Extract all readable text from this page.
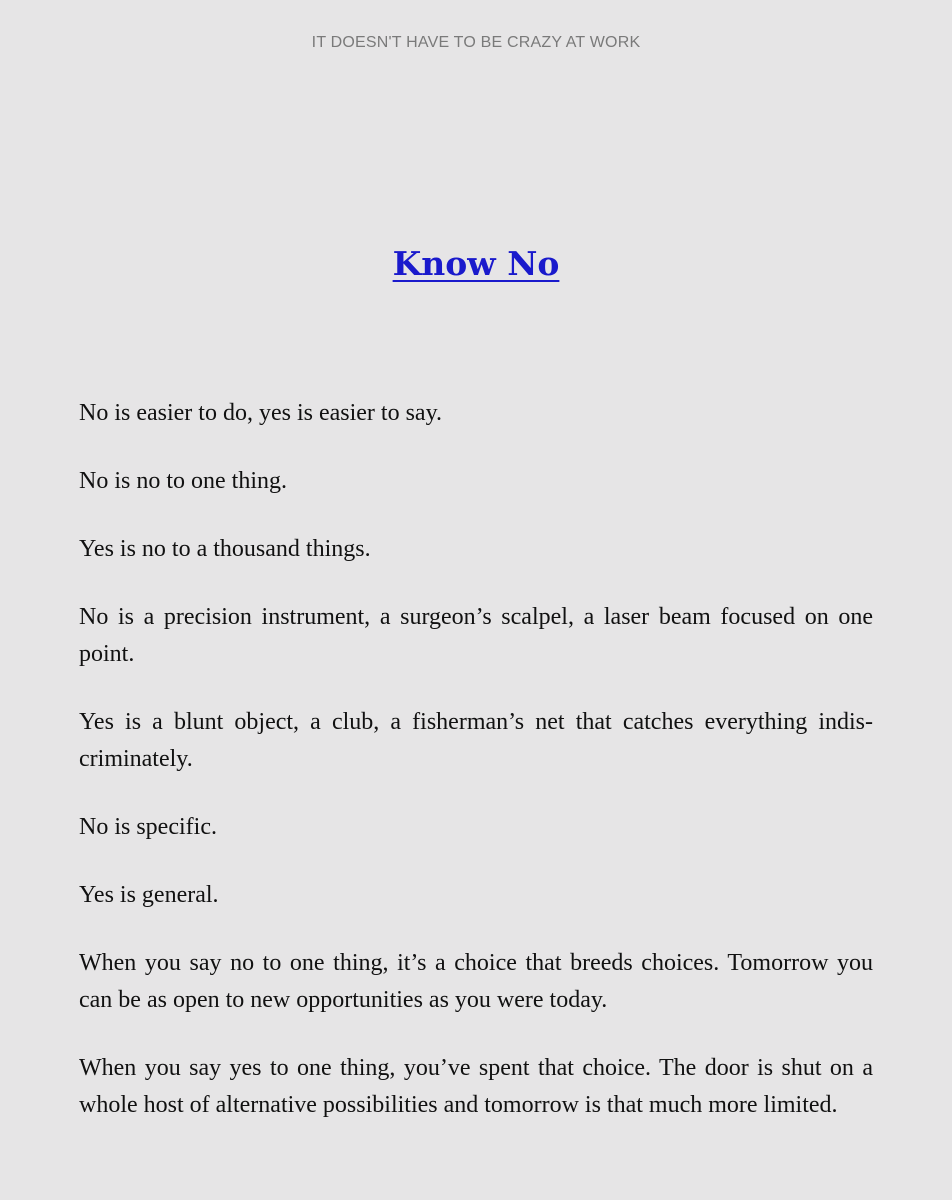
IT DOESN'T HAVE TO BE CRAZY AT WORK
Know No

No is easier to do, yes is easier to say.

No is no to one thing.

Yes is no to a thousand things.

No is a precision instrument, a surgeon’s scalpel, a laser beam focused on one point.

Yes is a blunt object, a club, a fisherman’s net that catches everything indiscriminately.

No is specific.

Yes is general.

When you say no to one thing, it’s a choice that breeds choices. Tomorrow you can be as open to new opportunities as you were today.

When you say yes to one thing, you’ve spent that choice. The door is shut on a whole host of alternative possibilities and tomorrow is that much more limited.
